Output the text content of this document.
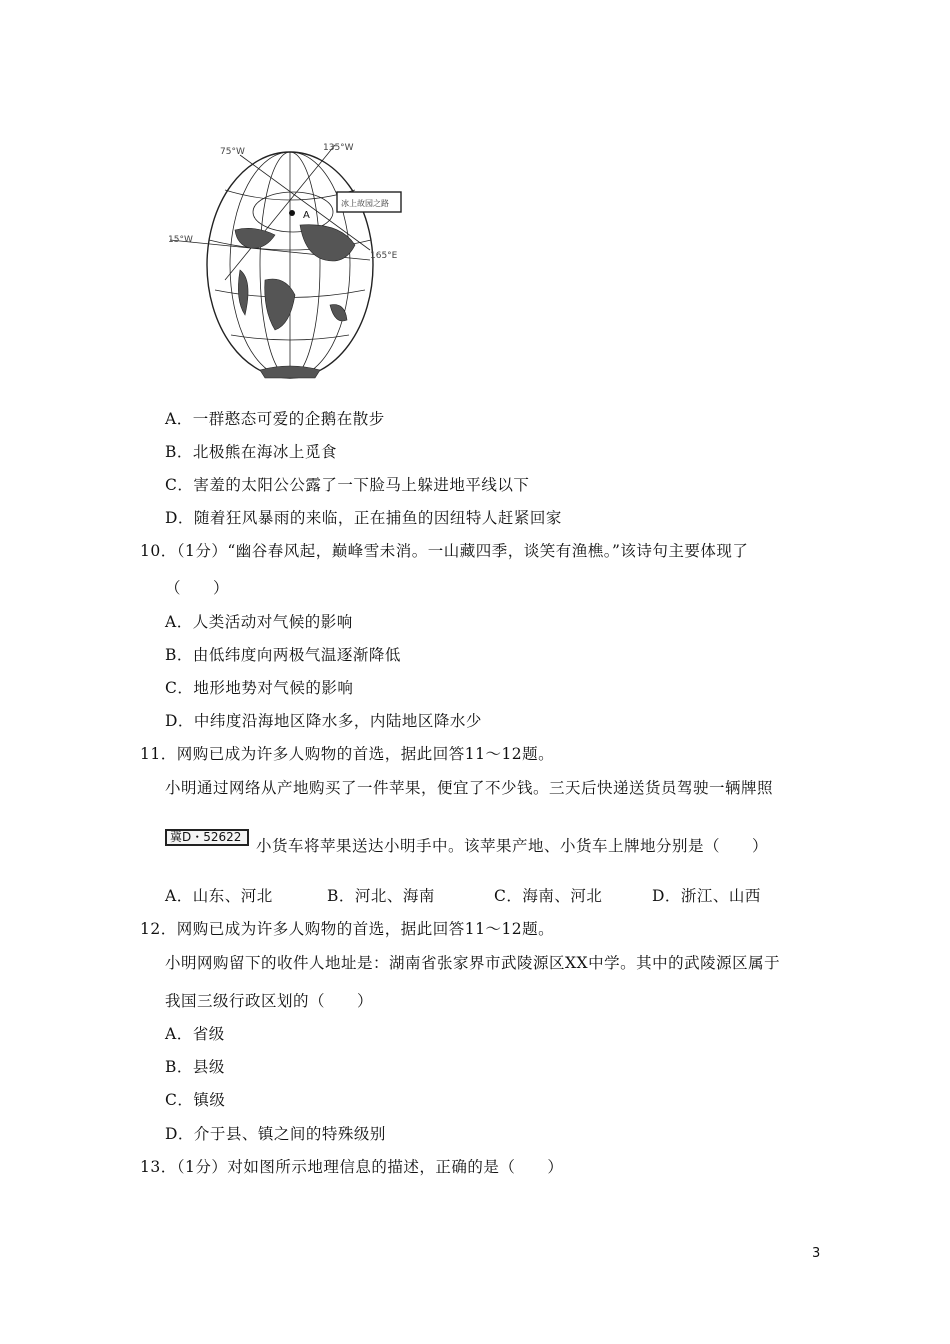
A
冰上故园之路
75°W	135°W
15°W
165°E
A．一群憨态可爱的企鹅在散步
B．北极熊在海冰上觅食
C．害羞的太阳公公露了一下脸马上躲进地平线以下
D．随着狂风暴雨的来临，正在捕鱼的因纽特人赶紧回家
10．（1分）“幽谷春风起，巅峰雪未消。一山藏四季，谈笑有渔樵。”该诗句主要体现了
（　　）
A．人类活动对气候的影响
B．由低纬度向两极气温逐渐降低
C．地形地势对气候的影响
D．中纬度沿海地区降水多，内陆地区降水少
11．网购已成为许多人购物的首选，据此回答11～12题。
小明通过网络从产地购买了一件苹果，便宜了不少钱。三天后快递送货员驾驶一辆牌照
冀D・52622 小货车将苹果送达小明手中。该苹果产地、小货车上牌地分别是（　　）
A．山东、河北	B．河北、海南	C．海南、河北	D．浙江、山西
12．网购已成为许多人购物的首选，据此回答11～12题。
小明网购留下的收件人地址是：湖南省张家界市武陵源区XX中学。其中的武陵源区属于
我国三级行政区划的（　　）
A．省级
B．县级
C．镇级
D．介于县、镇之间的特殊级别
13．（1分）对如图所示地理信息的描述，正确的是（　　）
3
